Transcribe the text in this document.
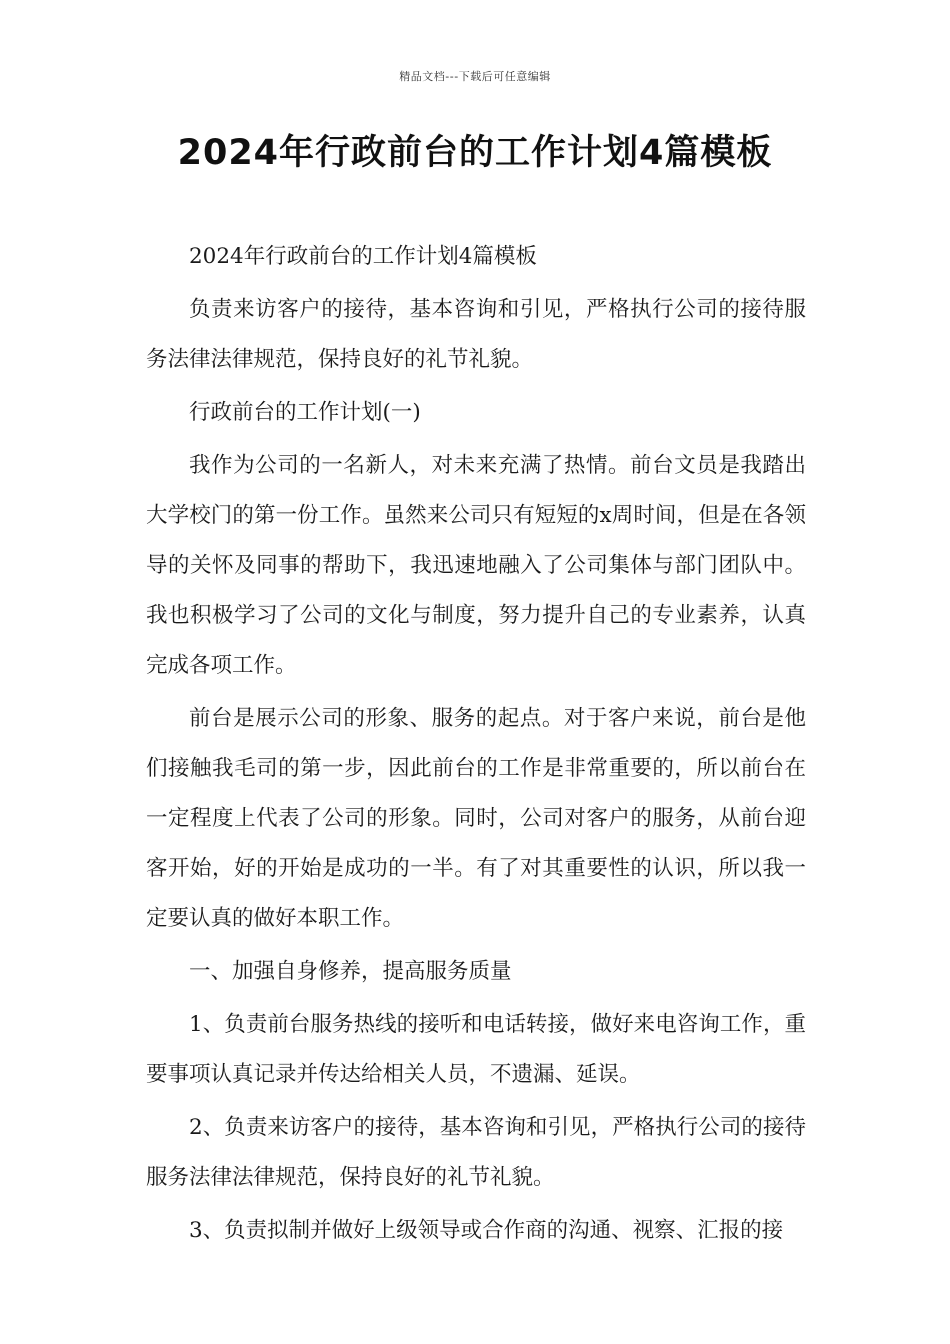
精品文档---下载后可任意编辑
2024年行政前台的工作计划4篇模板

2024年行政前台的工作计划4篇模板

负责来访客户的接待，基本咨询和引见，严格执行公司的接待服务法律法律规范，保持良好的礼节礼貌。

行政前台的工作计划(一)

我作为公司的一名新人，对未来充满了热情。前台文员是我踏出大学校门的第一份工作。虽然来公司只有短短的x周时间，但是在各领导的关怀及同事的帮助下，我迅速地融入了公司集体与部门团队中。我也积极学习了公司的文化与制度，努力提升自己的专业素养，认真完成各项工作。

前台是展示公司的形象、服务的起点。对于客户来说，前台是他们接触我毛司的第一步，因此前台的工作是非常重要的，所以前台在一定程度上代表了公司的形象。同时，公司对客户的服务，从前台迎客开始，好的开始是成功的一半。有了对其重要性的认识，所以我一定要认真的做好本职工作。

一、加强自身修养，提高服务质量

1、负责前台服务热线的接听和电话转接，做好来电咨询工作，重要事项认真记录并传达给相关人员，不遗漏、延误。

2、负责来访客户的接待，基本咨询和引见，严格执行公司的接待服务法律法律规范，保持良好的礼节礼貌。

3、负责拟制并做好上级领导或合作商的沟通、视察、汇报的接
